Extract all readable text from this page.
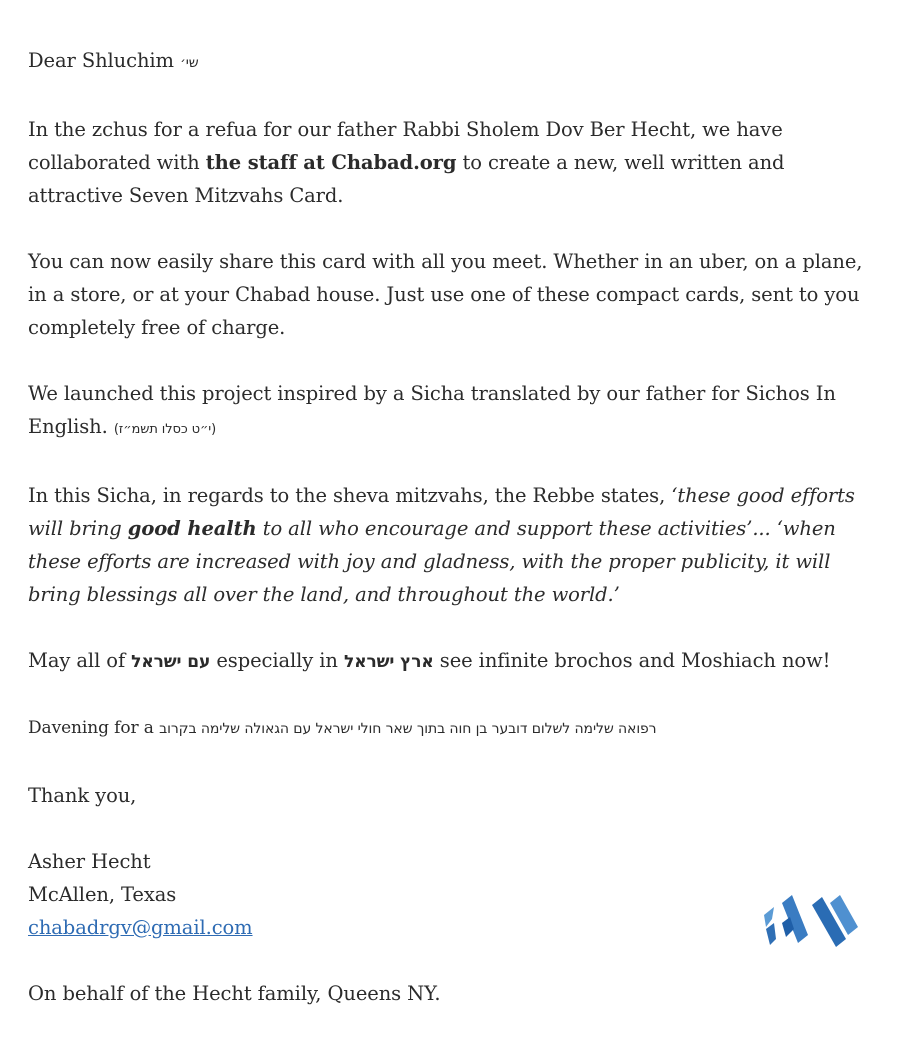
Dear Shluchim שי׳

In the zchus for a refua for our father Rabbi Sholem Dov Ber Hecht, we have collaborated with the staff at Chabad.org to create a new, well written and attractive Seven Mitzvahs Card.

You can now easily share this card with all you meet. Whether in an uber, on a plane, in a store, or at your Chabad house. Just use one of these compact cards, sent to you completely free of charge.

We launched this project inspired by a Sicha translated by our father for Sichos In English. (י״ט כסלו תשמ״ז)

In this Sicha, in regards to the sheva mitzvahs, the Rebbe states, ‘these good efforts will bring good health to all who encourage and support these activities’... ‘when these efforts are increased with joy and gladness, with the proper publicity, it will bring blessings all over the land, and throughout the world.’

May all of עם ישראל especially in ארץ ישראל see infinite brochos and Moshiach now!

Davening for a רפואה שלימה לשלום דובער בן חוה בתוך שאר חולי ישראל עם הגאולה שלימה בקרוב

Thank you,

Asher Hecht
McAllen, Texas
chabadrgv@gmail.com

On behalf of the Hecht family, Queens NY.
